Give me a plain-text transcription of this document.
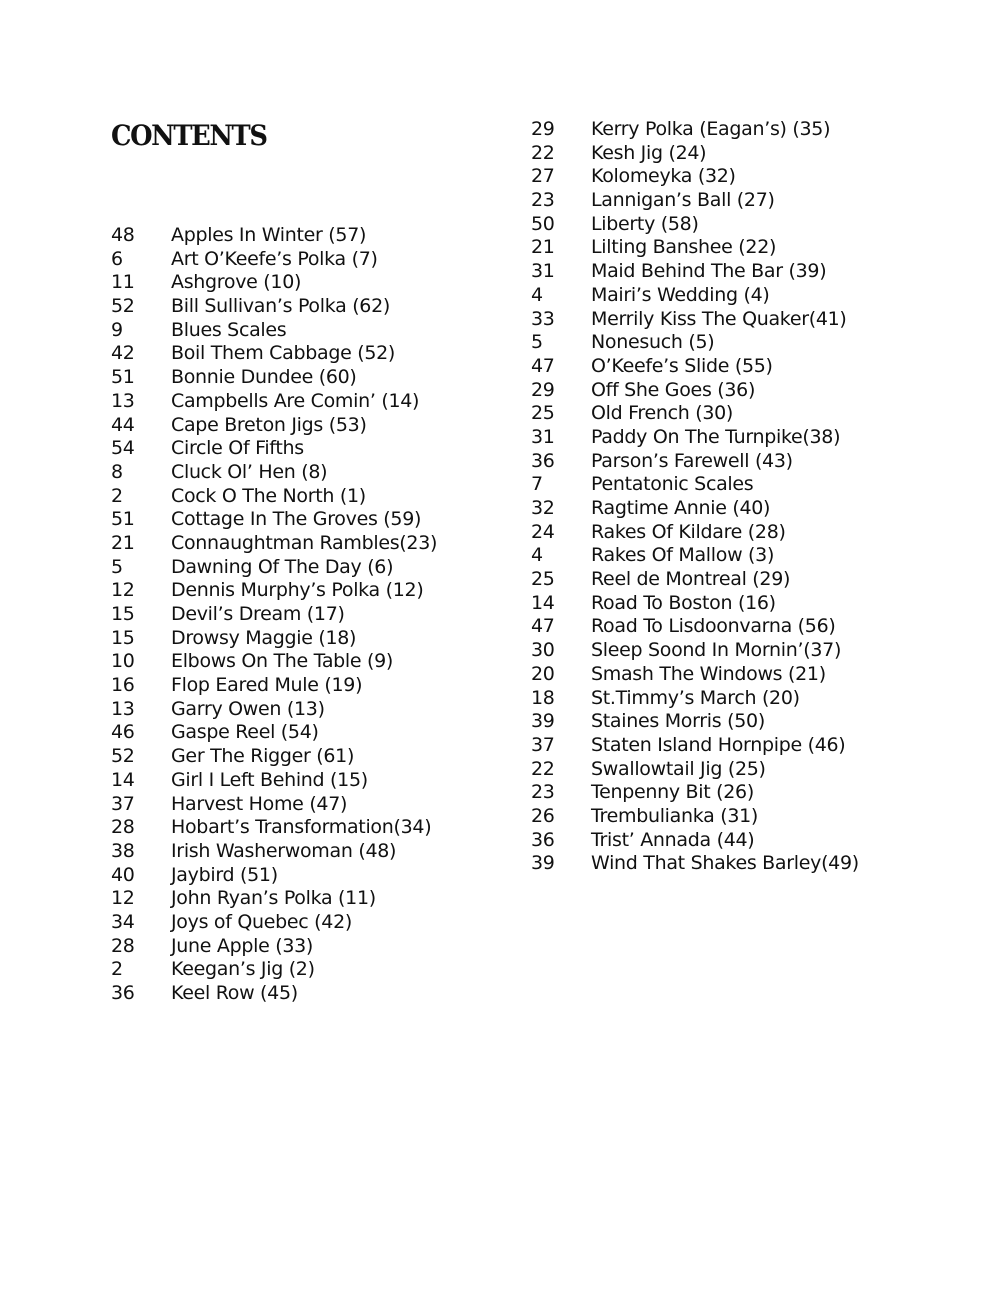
CONTENTS
48 Apples In Winter (57)
6	Art O’Keefe’s Polka (7)
11 Ashgrove (10)
52 Bill Sullivan’s Polka (62)
9	Blues Scales
42 Boil Them Cabbage (52)
51 Bonnie Dundee (60)
13 Campbells Are Comin’ (14)
44 Cape Breton Jigs (53)
54 Circle Of Fifths
8	Cluck Ol’ Hen (8)
2	Cock O The North (1)
51 Cottage In The Groves (59)
21 Connaughtman Rambles(23)
5	Dawning Of The Day (6)
12 Dennis Murphy’s Polka (12)
15 Devil’s Dream (17)
15 Drowsy Maggie (18)
10 Elbows On The Table (9)
16 Flop Eared Mule (19)
13 Garry Owen (13)
46 Gaspe Reel (54)
52 Ger The Rigger (61)
14 Girl I Left Behind (15)
37 Harvest Home (47)
28 Hobart’s Transformation(34)
38 Irish Washerwoman (48)
40 Jaybird (51)
12 John Ryan’s Polka (11)
34 Joys of Quebec (42)
28 June Apple (33)
2	Keegan’s Jig (2)
36 Keel Row (45)
29 Kerry Polka (Eagan’s) (35)
22 Kesh Jig (24)
27 Kolomeyka (32)
23 Lannigan’s Ball (27)
50 Liberty (58)
21 Lilting Banshee (22)
31 Maid Behind The Bar (39)
4	Mairi’s Wedding (4)
33 Merrily Kiss The Quaker(41)
5	Nonesuch (5)
47 O’Keefe’s Slide (55)
29 Off She Goes (36)
25 Old French (30)
31 Paddy On The Turnpike(38)
36 Parson’s Farewell (43)
7	Pentatonic Scales
32 Ragtime Annie (40)
24 Rakes Of Kildare (28)
4	Rakes Of Mallow (3)
25 Reel de Montreal (29)
14 Road To Boston (16)
47 Road To Lisdoonvarna (56)
30 Sleep Soond In Mornin’(37)
20 Smash The Windows (21)
18 St.Timmy’s March (20)
39 Staines Morris (50)
37 Staten Island Hornpipe (46)
22 Swallowtail Jig (25)
23 Tenpenny Bit (26)
26 Trembulianka (31)
36 Trist’ Annada (44)
39 Wind That Shakes Barley(49)
